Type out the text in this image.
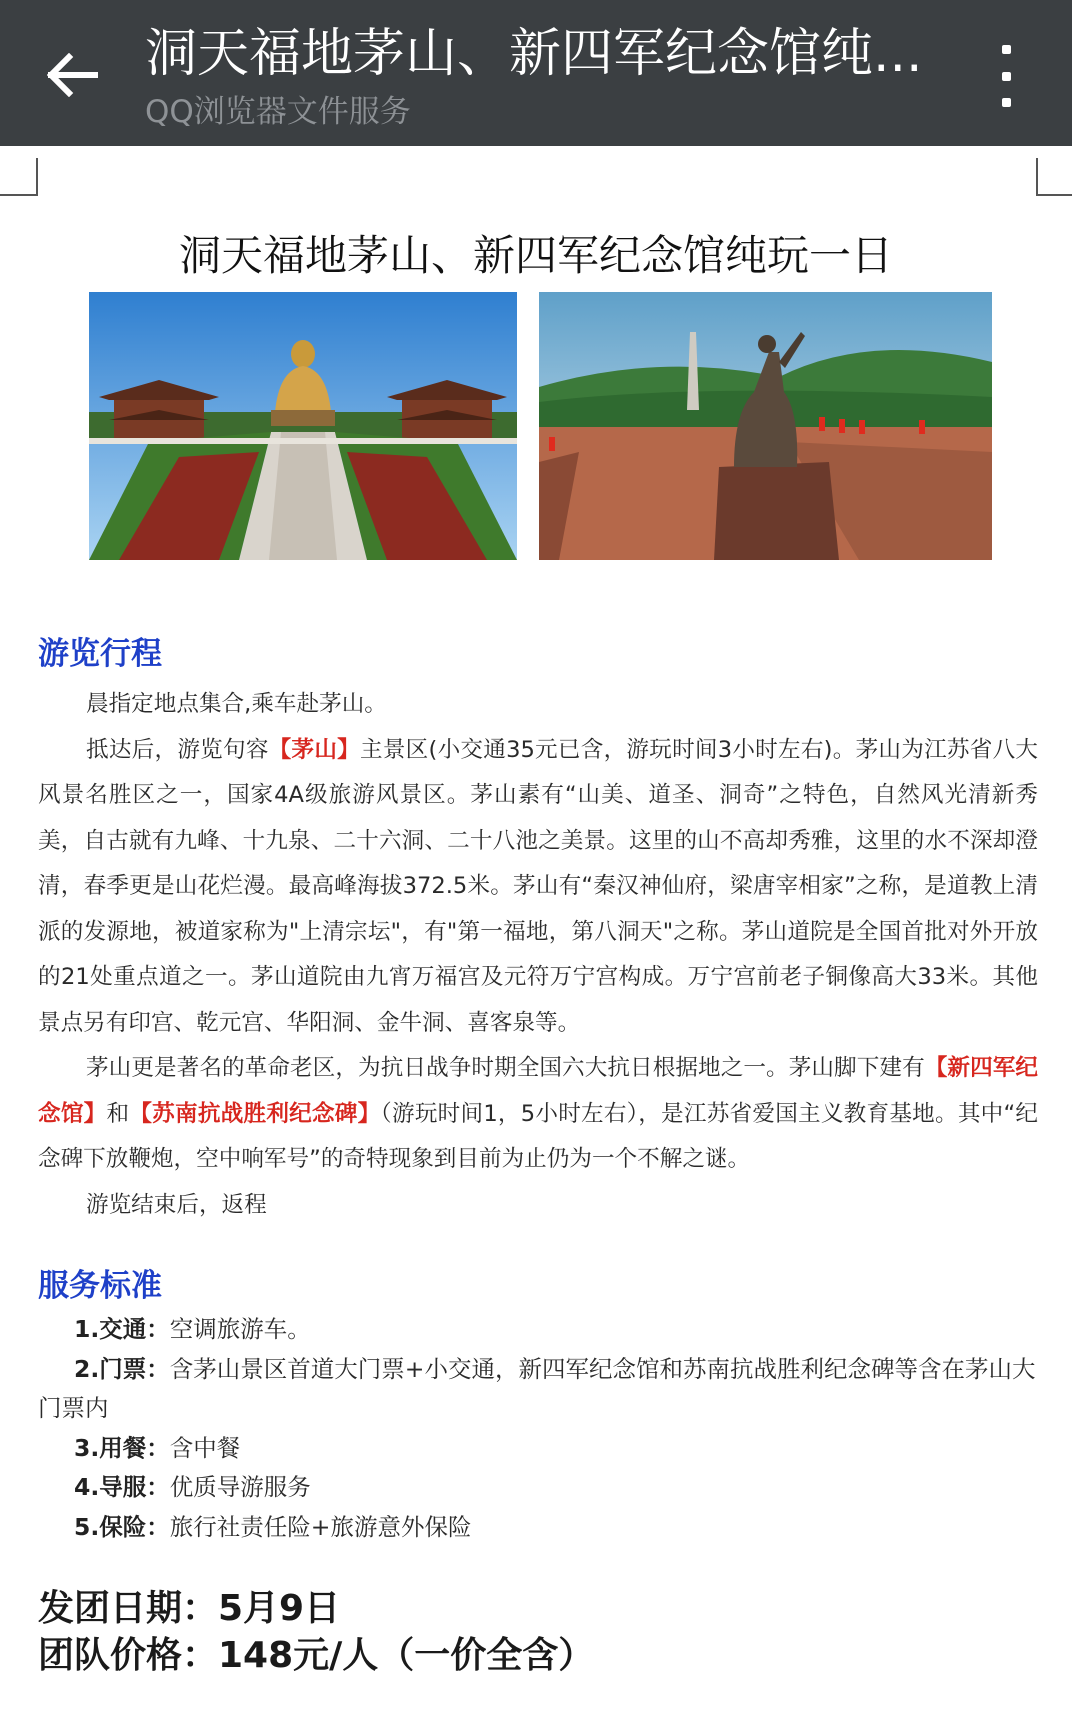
洞天福地茅山、新四军纪念馆纯...
QQ浏览器文件服务
洞天福地茅山、新四军纪念馆纯玩一日
游览行程

晨指定地点集合,乘车赴茅山。

抵达后，游览句容【茅山】主景区(小交通35元已含，游玩时间3小时左右)。茅山为江苏省八大风景名胜区之一，国家4A级旅游风景区。茅山素有“山美、道圣、洞奇”之特色，自然风光清新秀美，自古就有九峰、十九泉、二十六洞、二十八池之美景。这里的山不高却秀雅，这里的水不深却澄清，春季更是山花烂漫。最高峰海拔372.5米。茅山有“秦汉神仙府，梁唐宰相家”之称，是道教上清派的发源地，被道家称为"上清宗坛"，有"第一福地，第八洞天"之称。茅山道院是全国首批对外开放的21处重点道之一。茅山道院由九宵万福宫及元符万宁宫构成。万宁宫前老子铜像高大33米。其他景点另有印宫、乾元宫、华阳洞、金牛洞、喜客泉等。

茅山更是著名的革命老区，为抗日战争时期全国六大抗日根据地之一。茅山脚下建有【新四军纪念馆】和【苏南抗战胜利纪念碑】（游玩时间1，5小时左右），是江苏省爱国主义教育基地。其中“纪念碑下放鞭炮，空中响军号”的奇特现象到目前为止仍为一个不解之谜。

游览结束后，返程

服务标准

1.交通：空调旅游车。

2.门票：含茅山景区首道大门票+小交通，新四军纪念馆和苏南抗战胜利纪念碑等含在茅山大门票内

3.用餐：含中餐

4.导服：优质导游服务

5.保险：旅行社责任险+旅游意外保险

发团日期：5月9日
团队价格：148元/人（一价全含）
